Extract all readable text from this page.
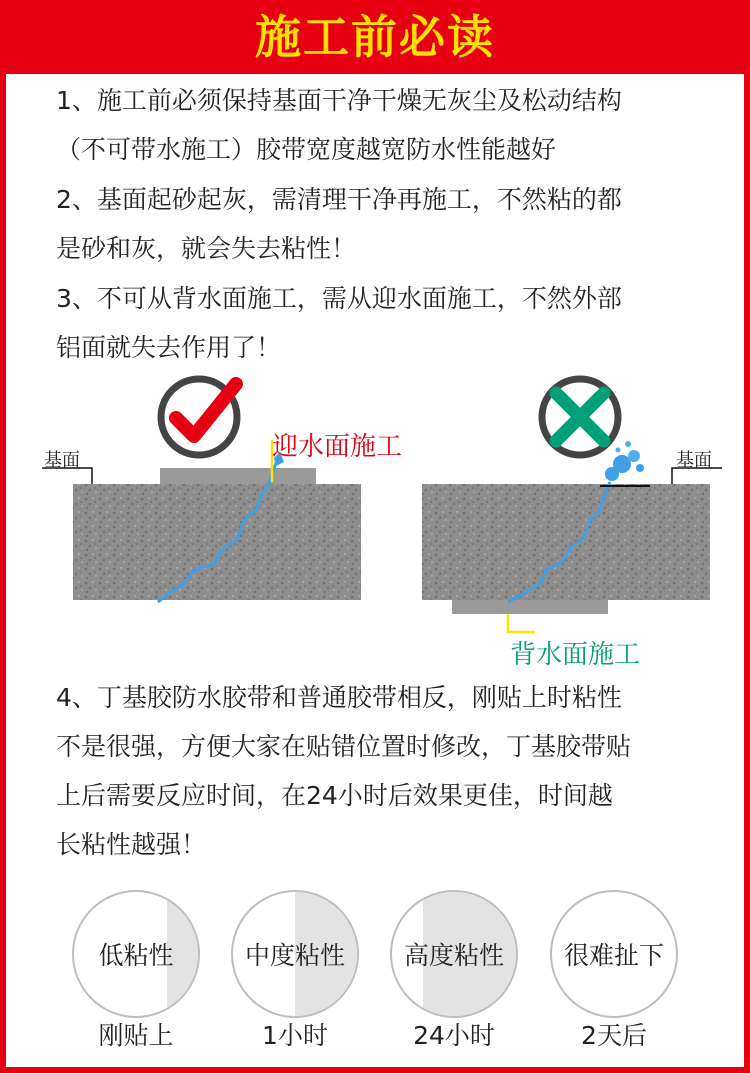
施工前必读
1、施工前必须保持基面干净干燥无灰尘及松动结构
（不可带水施工）胶带宽度越宽防水性能越好
2、基面起砂起灰，需清理干净再施工，不然粘的都
是砂和灰，就会失去粘性！
3、不可从背水面施工，需从迎水面施工，不然外部
铝面就失去作用了！
基面	迎水面施工	基面
背水面施工
4、丁基胶防水胶带和普通胶带相反，刚贴上时粘性
不是很强，方便大家在贴错位置时修改，丁基胶带贴
上后需要反应时间，在24小时后效果更佳，时间越
长粘性越强！
低粘性
刚贴上
中度粘性
1小时
高度粘性
24小时
很难扯下
2天后
